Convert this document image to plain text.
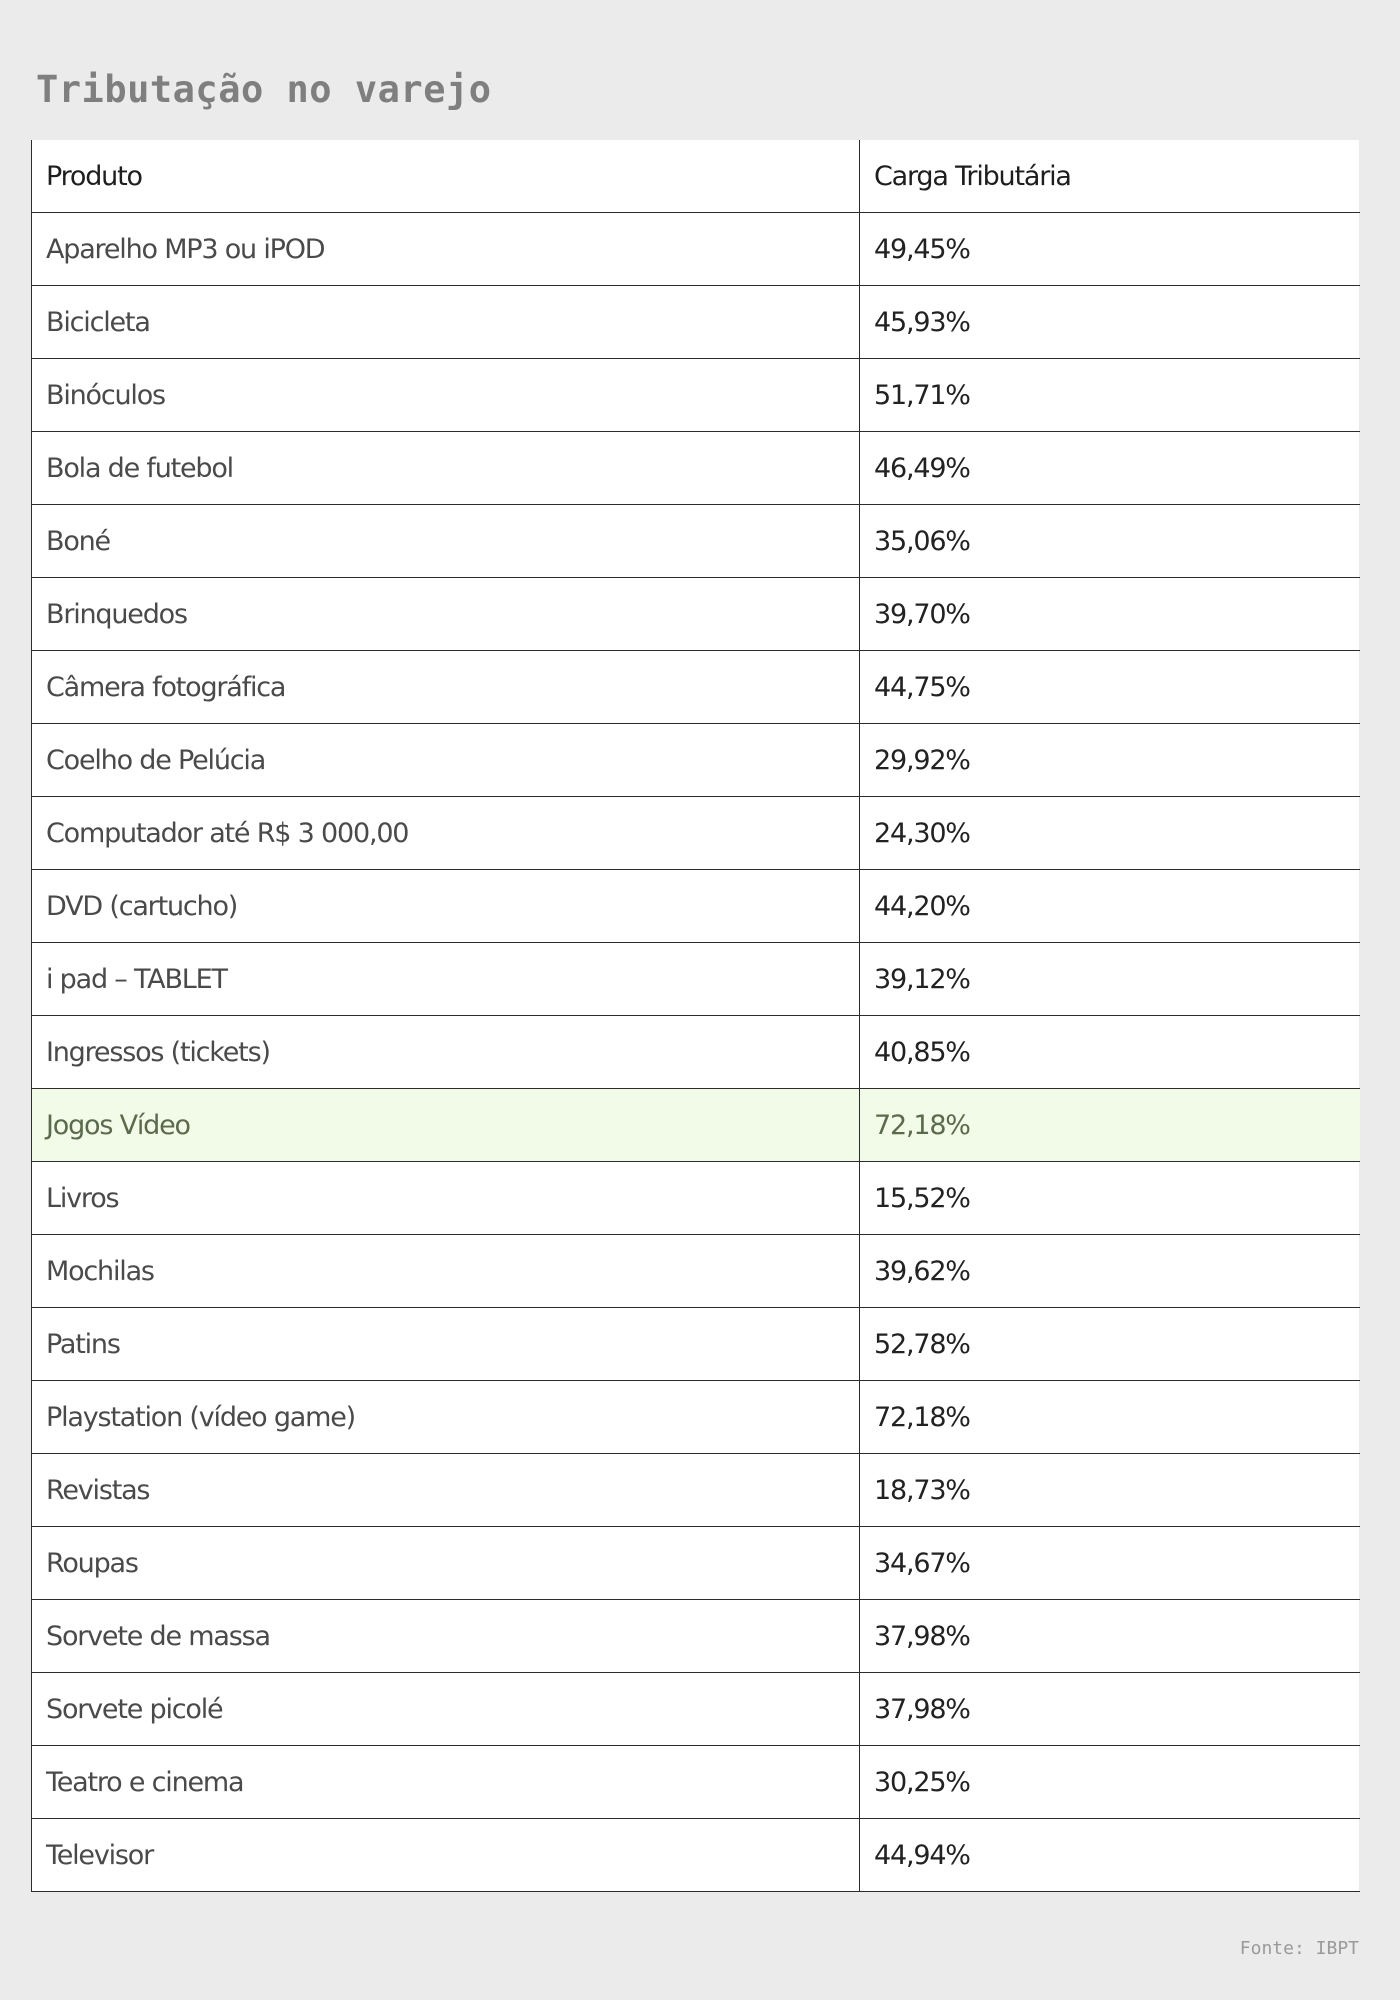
Tributação no varejo
Produto	Carga Tributária
Aparelho MP3 ou iPOD	49,45%
Bicicleta	45,93%
Binóculos	51,71%
Bola de futebol	46,49%
Boné	35,06%
Brinquedos	39,70%
Câmera fotográfica	44,75%
Coelho de Pelúcia	29,92%
Computador até R$ 3 000,00	24,30%
DVD (cartucho)	44,20%
i pad – TABLET	39,12%
Ingressos (tickets)	40,85%
Jogos Vídeo	72,18%
Livros	15,52%
Mochilas	39,62%
Patins	52,78%
Playstation (vídeo game)	72,18%
Revistas	18,73%
Roupas	34,67%
Sorvete de massa	37,98%
Sorvete picolé	37,98%
Teatro e cinema	30,25%
Televisor	44,94%
Fonte: IBPT
